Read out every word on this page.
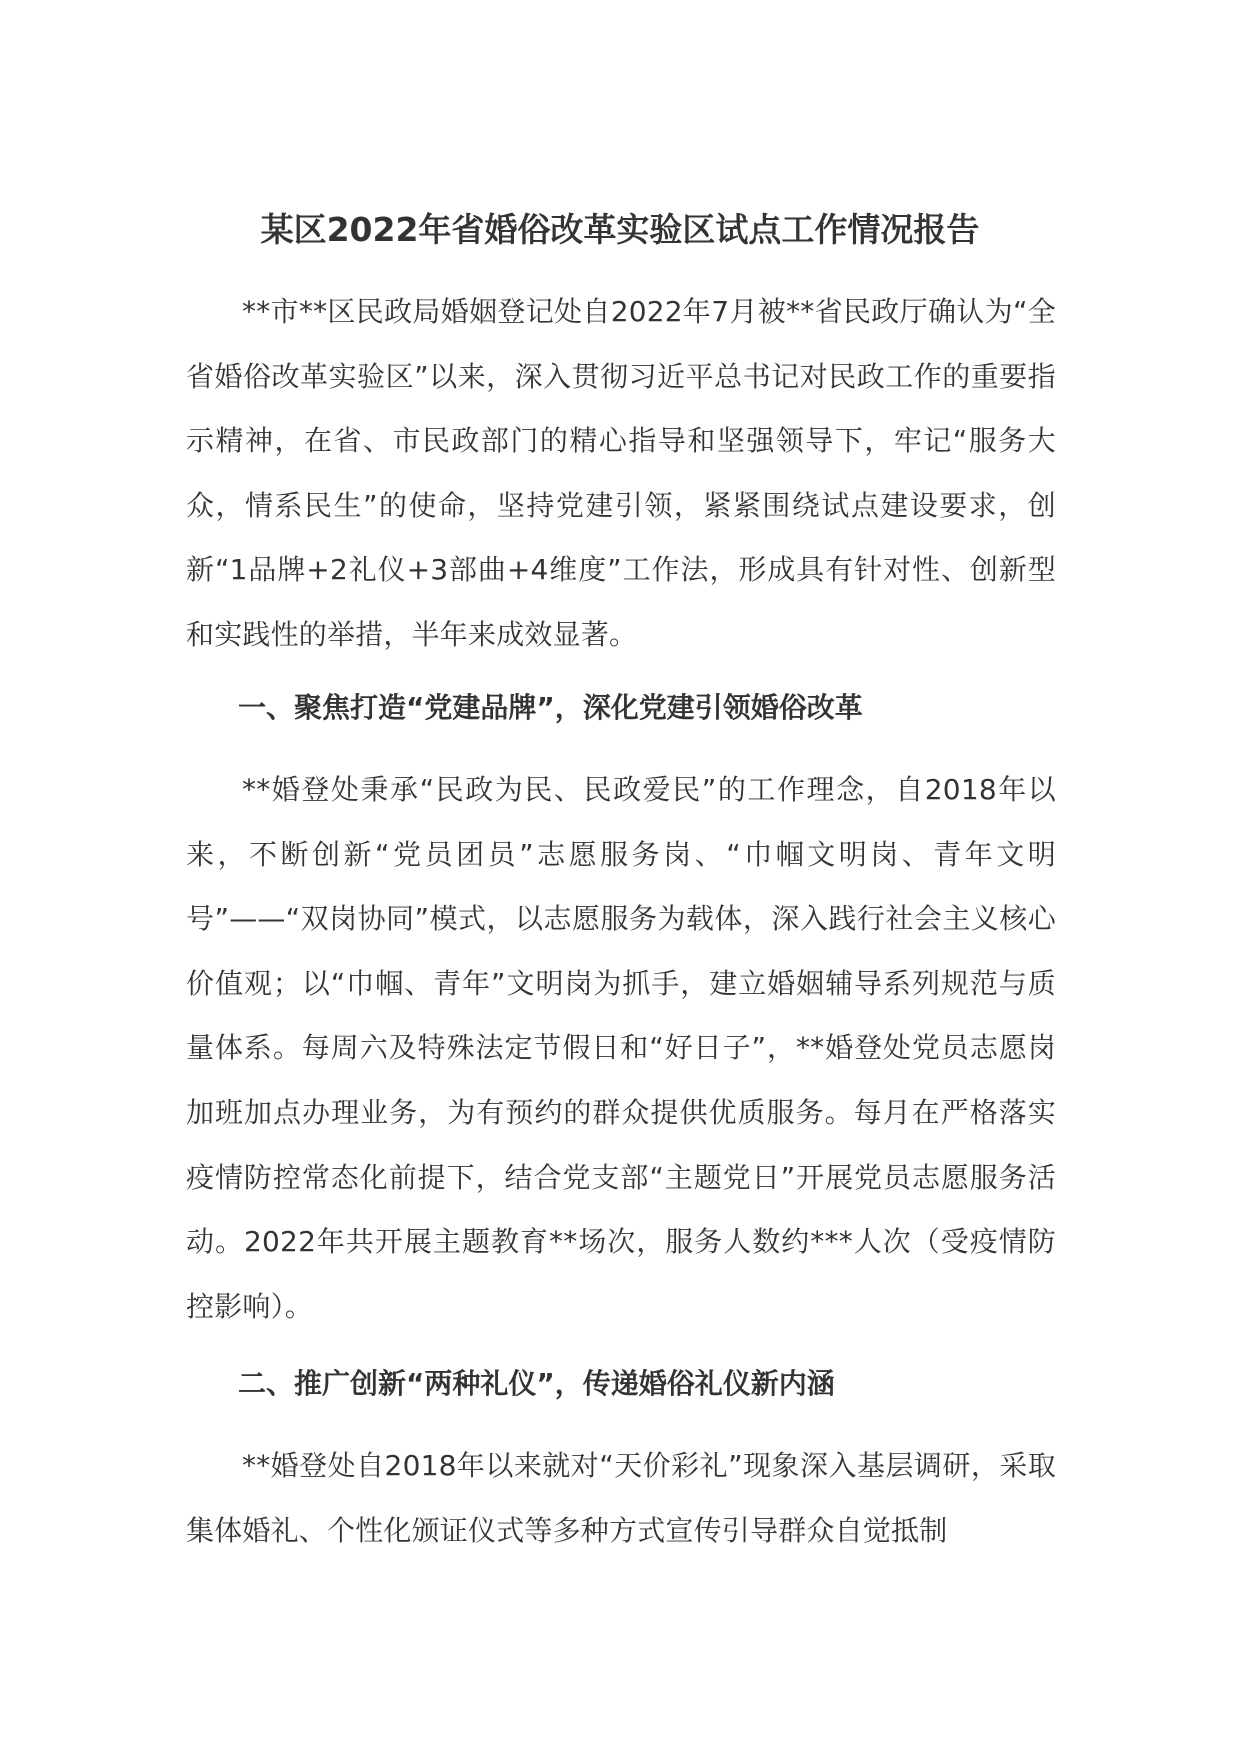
某区2022年省婚俗改革实验区试点工作情况报告

**市**区民政局婚姻登记处自2022年7月被**省民政厅确认为“全省婚俗改革实验区”以来，深入贯彻习近平总书记对民政工作的重要指示精神，在省、市民政部门的精心指导和坚强领导下，牢记“服务大众，情系民生”的使命，坚持党建引领，紧紧围绕试点建设要求，创新“1品牌+2礼仪+3部曲+4维度”工作法，形成具有针对性、创新型和实践性的举措，半年来成效显著。

一、聚焦打造“党建品牌”，深化党建引领婚俗改革

**婚登处秉承“民政为民、民政爱民”的工作理念，自2018年以来，不断创新“党员团员”志愿服务岗、“巾帼文明岗、青年文明号”——“双岗协同”模式，以志愿服务为载体，深入践行社会主义核心价值观；以“巾帼、青年”文明岗为抓手，建立婚姻辅导系列规范与质量体系。每周六及特殊法定节假日和“好日子”，**婚登处党员志愿岗加班加点办理业务，为有预约的群众提供优质服务。每月在严格落实疫情防控常态化前提下，结合党支部“主题党日”开展党员志愿服务活动。2022年共开展主题教育**场次，服务人数约***人次（受疫情防控影响）。

二、推广创新“两种礼仪”，传递婚俗礼仪新内涵

**婚登处自2018年以来就对“天价彩礼”现象深入基层调研，采取集体婚礼、个性化颁证仪式等多种方式宣传引导群众自觉抵制
